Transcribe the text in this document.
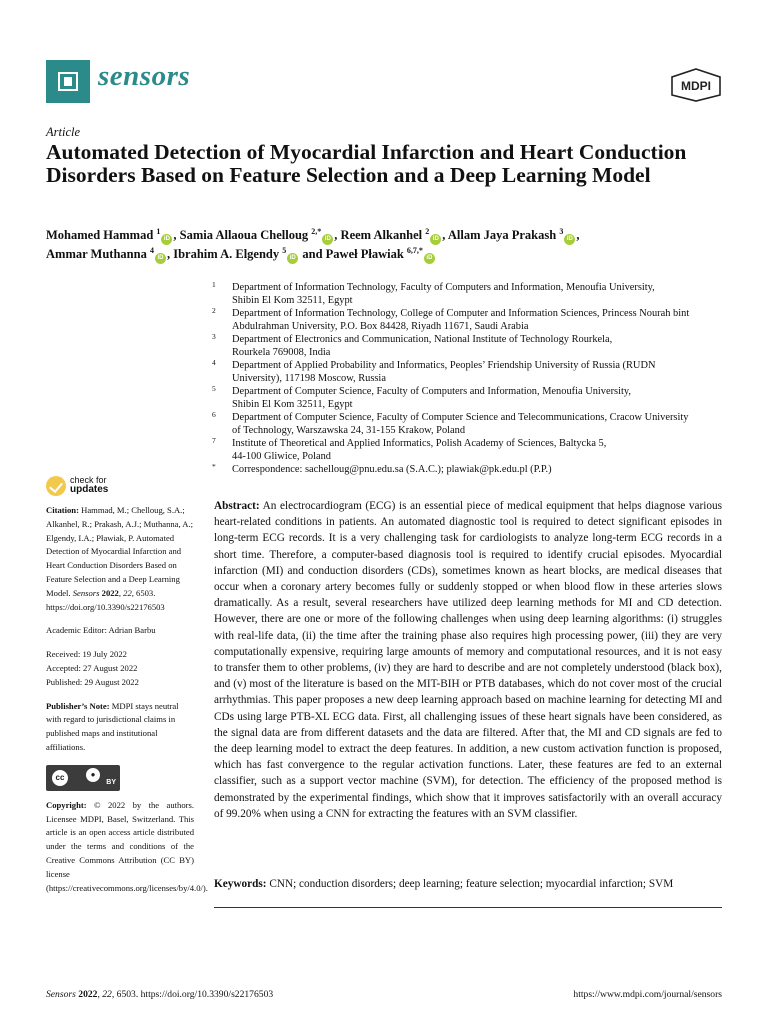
sensors	MDPI
Article
Automated Detection of Myocardial Infarction and Heart Conduction Disorders Based on Feature Selection and a Deep Learning Model
Mohamed Hammad $^1$iD , Samia Allaoua Chelloug $^{2,*}$iD , Reem Alkanhel $^2$iD , Allam Jaya Prakash $^3$iD ,
Ammar Muthanna $^4$iD , Ibrahim A. Elgendy $^5$iD and Paweł Pławiak $^{6,7,*}$iD
1 Department of Information Technology, Faculty of Computers and Information, Menoufia University,
Shibin El Kom 32511, Egypt
2 Department of Information Technology, College of Computer and Information Sciences, Princess Nourah bint
Abdulrahman University, P.O. Box 84428, Riyadh 11671, Saudi Arabia
3 Department of Electronics and Communication, National Institute of Technology Rourkela,
Rourkela 769008, India
4 Department of Applied Probability and Informatics, Peoples’ Friendship University of Russia (RUDN
University), 117198 Moscow, Russia
5 Department of Computer Science, Faculty of Computers and Information, Menoufia University,
Shibin El Kom 32511, Egypt
6 Department of Computer Science, Faculty of Computer Science and Telecommunications, Cracow University
of Technology, Warszawska 24, 31-155 Krakow, Poland
7 Institute of Theoretical and Applied Informatics, Polish Academy of Sciences, Baltycka 5,
44-100 Gliwice, Poland
* Correspondence: sachelloug@pnu.edu.sa (S.A.C.); plawiak@pk.edu.pl (P.P.)
check for
updates
Citation: Hammad, M.; Chelloug, S.A.; Alkanhel, R.; Prakash, A.J.; Muthanna, A.; Elgendy, I.A.; Pławiak, P. Automated Detection of Myocardial Infarction and Heart Conduction Disorders Based on Feature Selection and a Deep Learning Model. Sensors 2022, 22, 6503. https://doi.org/10.3390/s22176503
Academic Editor: Adrian Barbu
Received: 19 July 2022
Accepted: 27 August 2022
Published: 29 August 2022
Publisher’s Note: MDPI stays neutral with regard to jurisdictional claims in published maps and institutional affiliations.
cc	●
BY
Copyright: © 2022 by the authors. Licensee MDPI, Basel, Switzerland. This article is an open access article distributed under the terms and conditions of the Creative Commons Attribution (CC BY) license (https://creativecommons.org/licenses/by/4.0/).
Abstract: An electrocardiogram (ECG) is an essential piece of medical equipment that helps diagnose various heart-related conditions in patients. An automated diagnostic tool is required to detect significant episodes in long-term ECG records. It is a very challenging task for cardiologists to analyze long-term ECG records in a short time. Therefore, a computer-based diagnosis tool is required to identify crucial episodes. Myocardial infarction (MI) and conduction disorders (CDs), sometimes known as heart blocks, are medical diseases that occur when a coronary artery becomes fully or suddenly stopped or when blood flow in these arteries slows dramatically. As a result, several researchers have utilized deep learning methods for MI and CD detection. However, there are one or more of the following challenges when using deep learning algorithms: (i) struggles with real-life data, (ii) the time after the training phase also requires high processing power, (iii) they are very computationally expensive, requiring large amounts of memory and computational resources, and it is not easy to transfer them to other problems, (iv) they are hard to describe and are not completely understood (black box), and (v) most of the literature is based on the MIT-BIH or PTB databases, which do not cover most of the crucial arrhythmias. This paper proposes a new deep learning approach based on machine learning for detecting MI and CDs using large PTB-XL ECG data. First, all challenging issues of these heart signals have been considered, as the signal data are from different datasets and the data are filtered. After that, the MI and CD signals are fed to the deep learning model to extract the deep features. In addition, a new custom activation function is proposed, which has fast convergence to the regular activation functions. Later, these features are fed to an external classifier, such as a support vector machine (SVM), for detection. The efficiency of the proposed method is demonstrated by the experimental findings, which show that it improves satisfactorily with an overall accuracy of 99.20% when using a CNN for extracting the features with an SVM classifier.
Keywords: CNN; conduction disorders; deep learning; feature selection; myocardial infarction; SVM
Sensors 2022, 22, 6503. https://doi.org/10.3390/s22176503	https://www.mdpi.com/journal/sensors
